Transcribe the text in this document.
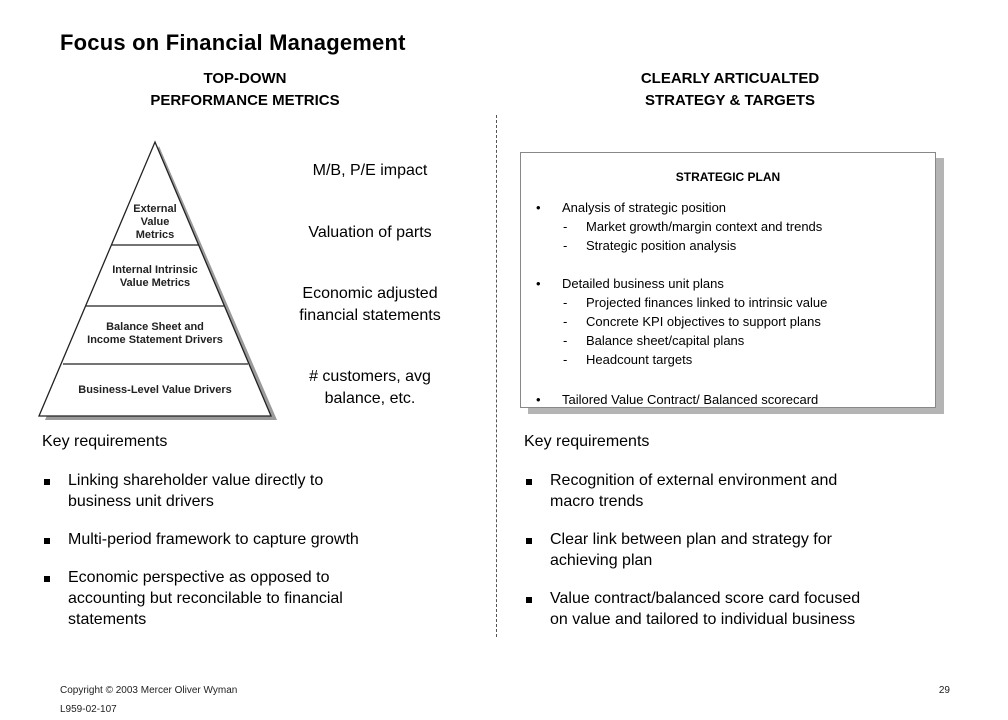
Focus on Financial Management
TOP-DOWN
PERFORMANCE METRICS
CLEARLY ARTICUALTED
STRATEGY & TARGETS
External
Value
Metrics
Internal Intrinsic
Value Metrics
Balance Sheet and
Income Statement Drivers
Business-Level Value Drivers
M/B, P/E impact
Valuation of parts
Economic adjusted
financial statements
# customers, avg
balance, etc.
Key requirements
Linking shareholder value directly to
business unit drivers
Multi-period framework to capture growth
Economic perspective as opposed to
accounting but reconcilable to financial
statements
STRATEGIC PLAN
• Analysis of strategic position
- Market growth/margin context and trends
- Strategic position analysis
• Detailed business unit plans
- Projected finances linked to intrinsic value
- Concrete KPI objectives to support plans
- Balance sheet/capital plans
- Headcount targets
• Tailored Value Contract/ Balanced scorecard
Key requirements
Recognition of external environment and
macro trends
Clear link between plan and strategy for
achieving plan
Value contract/balanced score card focused
on value and tailored to individual business
Copyright © 2003 Mercer Oliver Wyman
L959-02-107
29
